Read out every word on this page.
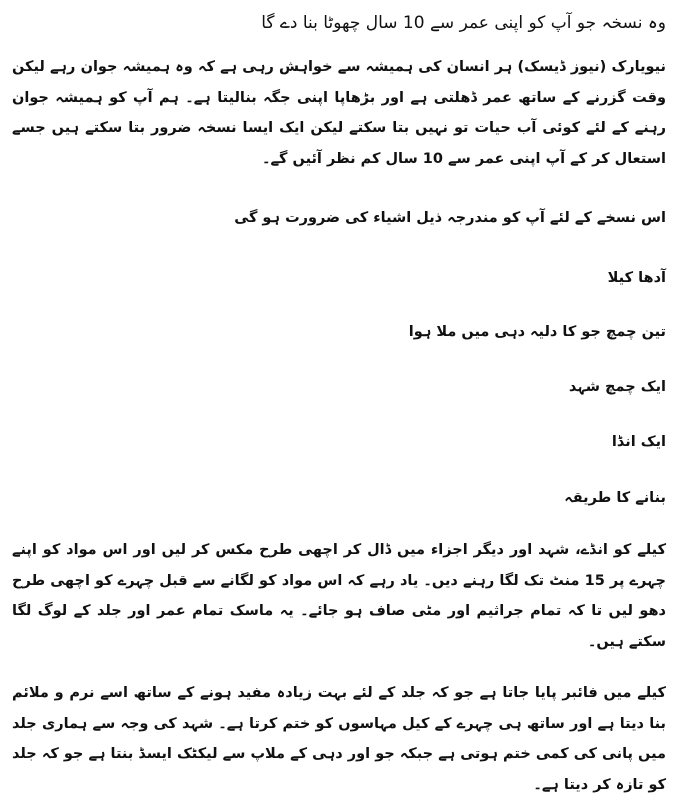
وہ نسخہ جو آپ کو اپنی عمر سے 10 سال چھوٹا بنا دے گا

نیویارک (نیوز ڈیسک) ہر انسان کی ہمیشہ سے خواہش رہی ہے کہ وہ ہمیشہ جوان رہے لیکن وقت گزرنے کے ساتھ عمر ڈھلتی ہے اور بڑھاپا اپنی جگہ بنالیتا ہے۔ ہم آپ کو ہمیشہ جوان رہنے کے لئے کوئی آب حیات تو نہیں بتا سکتے لیکن ایک ایسا نسخہ ضرور بتا سکتے ہیں جسے استعال کر کے آپ اپنی عمر سے 10 سال کم نظر آئیں گے۔

اس نسخے کے لئے آپ کو مندرجہ ذیل اشیاء کی ضرورت ہو گی

آدھا کیلا

تین چمچ جو کا دلیہ دہی میں ملا ہوا

ایک چمچ شہد

ایک انڈا

بنانے کا طریقہ

کیلے کو انڈے، شہد اور دیگر اجزاء میں ڈال کر اچھی طرح مکس کر لیں اور اس مواد کو اپنے چہرے پر 15 منٹ تک لگا رہنے دیں۔ یاد رہے کہ اس مواد کو لگانے سے قبل چہرے کو اچھی طرح دھو لیں تا کہ تمام جراثیم اور مٹی صاف ہو جائے۔ یہ ماسک تمام عمر اور جلد کے لوگ لگا سکتے ہیں۔

کیلے میں فائبر پایا جاتا ہے جو کہ جلد کے لئے بہت زیادہ مفید ہونے کے ساتھ اسے نرم و ملائم بنا دیتا ہے اور ساتھ ہی چہرے کے کیل مہاسوں کو ختم کرتا ہے۔ شہد کی وجہ سے ہماری جلد میں پانی کی کمی ختم ہوتی ہے جبکہ جو اور دہی کے ملاپ سے لیکٹک ایسڈ بنتا ہے جو کہ جلد کو تازہ کر دیتا ہے۔
